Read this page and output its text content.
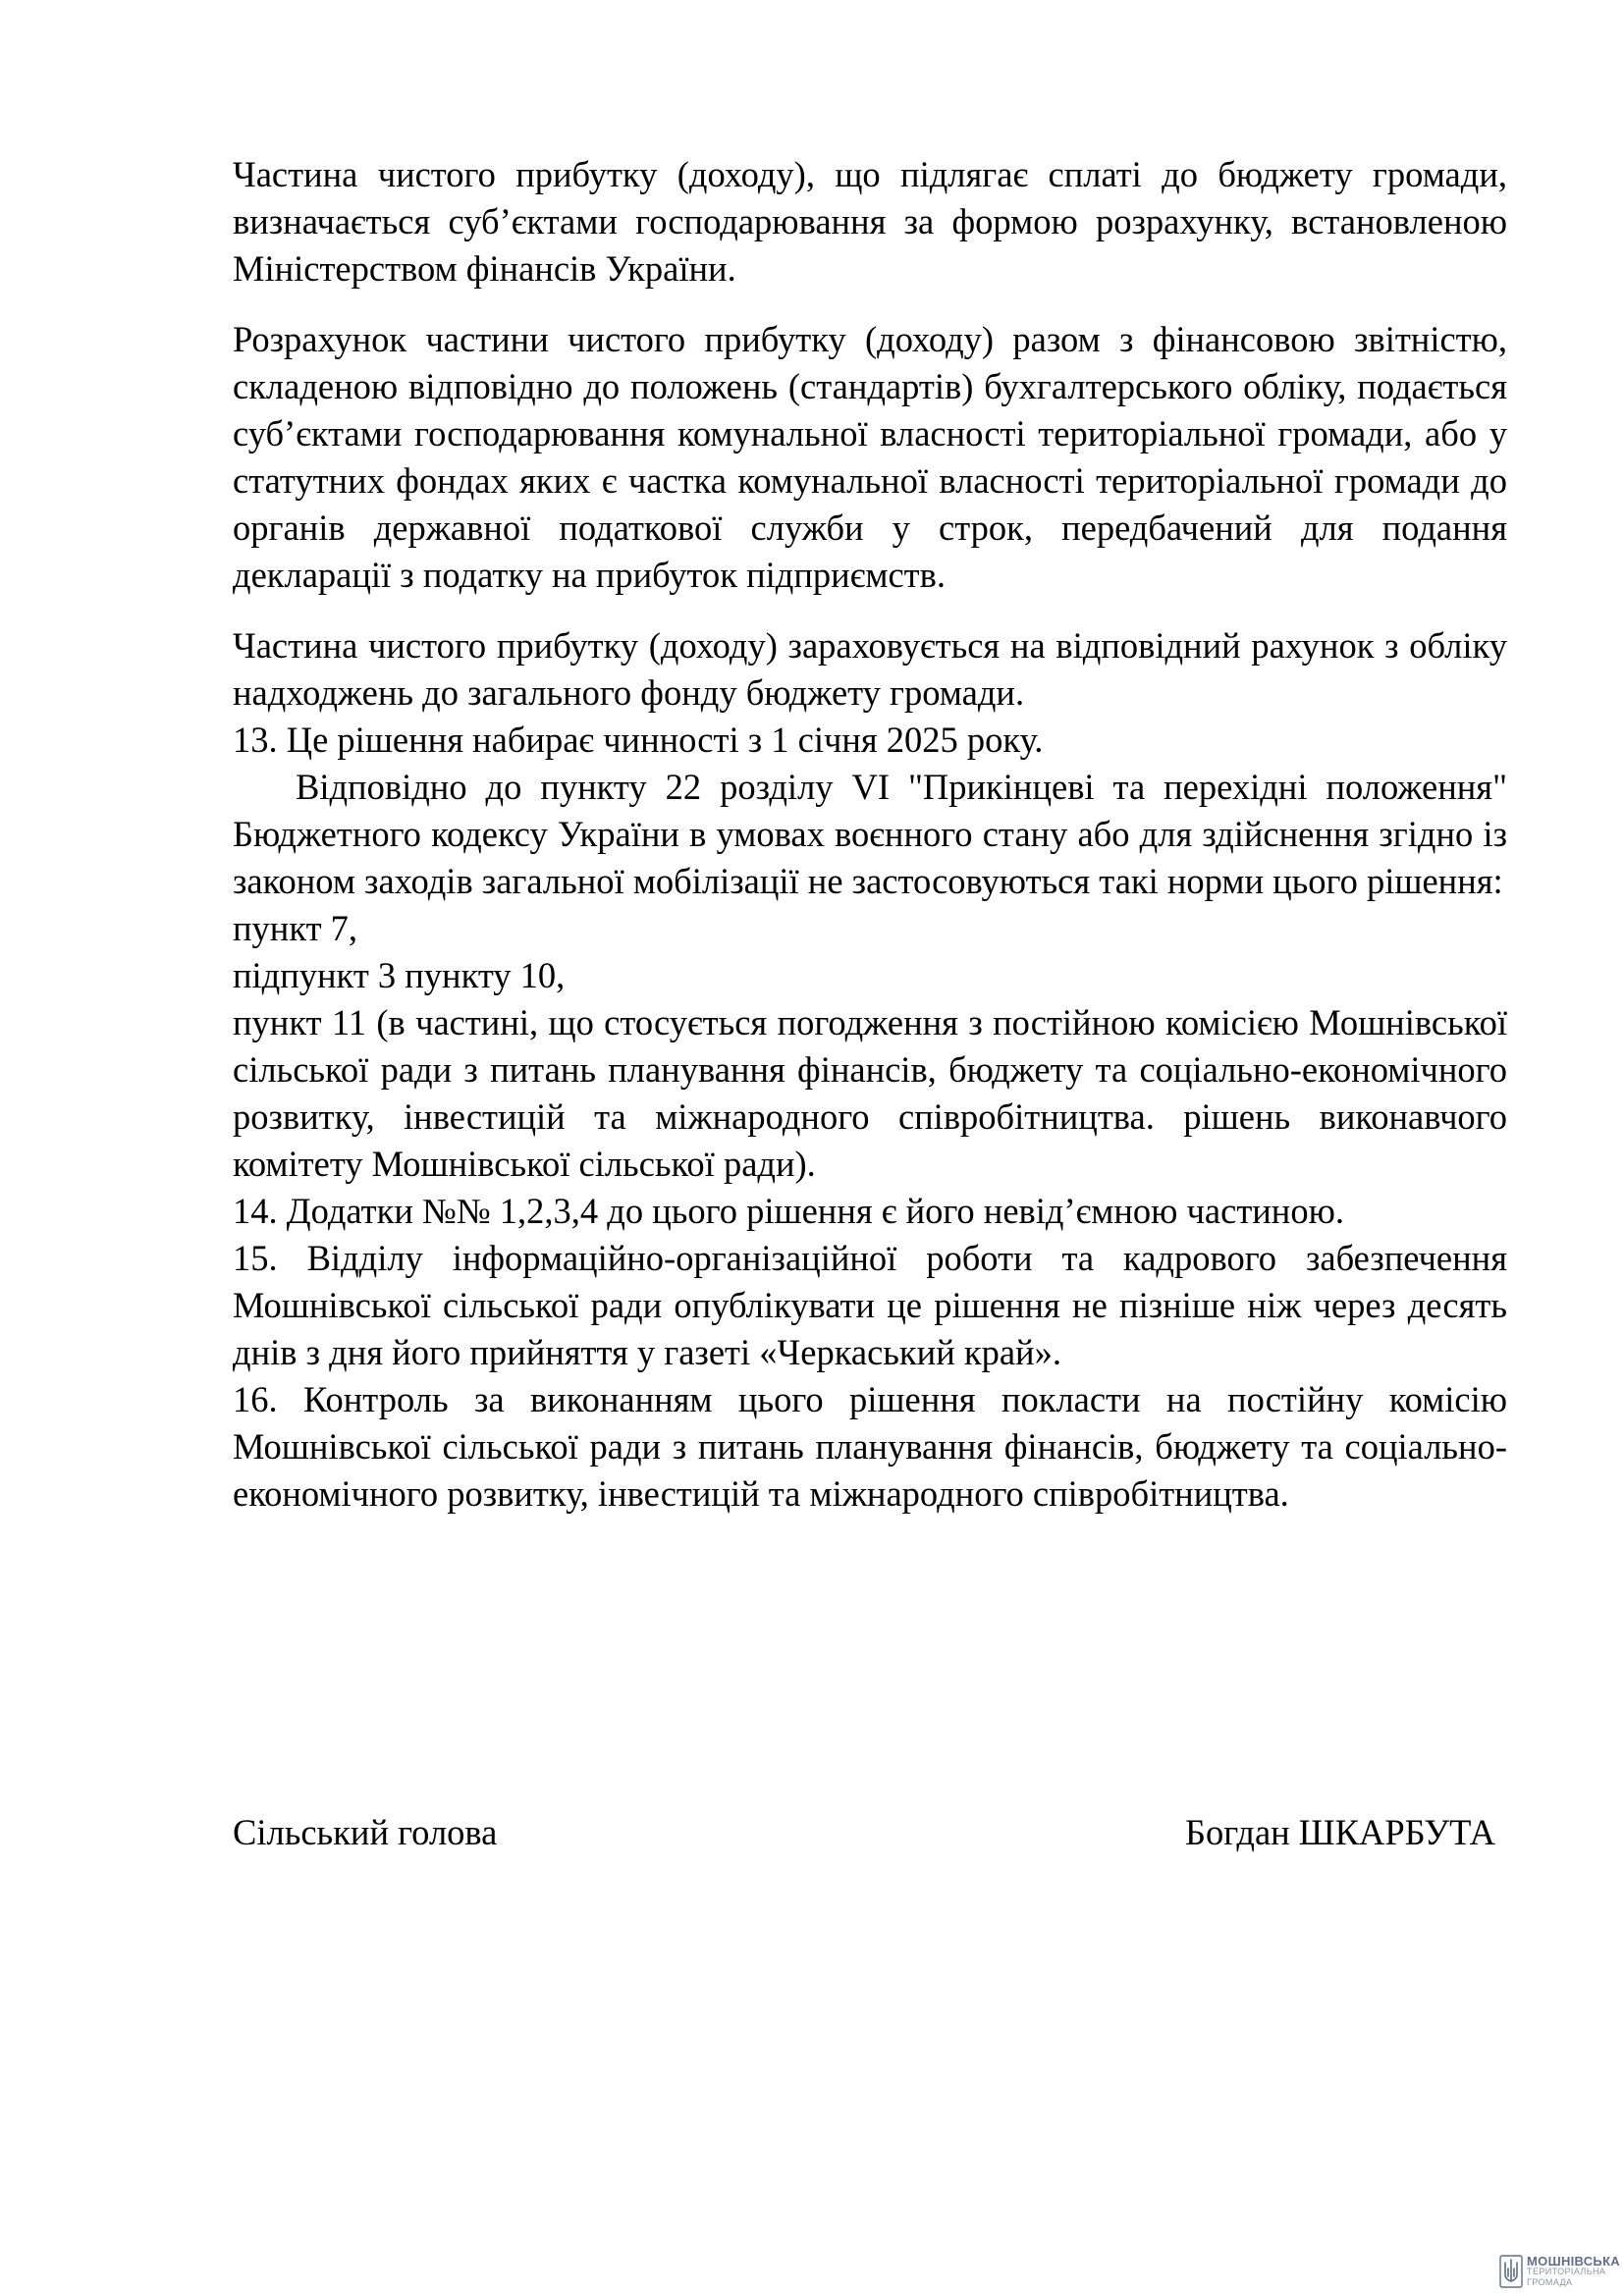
Частина чистого прибутку (доходу), що підлягає сплаті до бюджету громади, визначається суб’єктами господарювання за формою розрахунку, встановленою Міністерством фінансів України.

Розрахунок частини чистого прибутку (доходу) разом з фінансовою звітністю, складеною відповідно до положень (стандартів) бухгалтерського обліку, подається суб’єктами господарювання комунальної власності територіальної громади, або у статутних фондах яких є частка комунальної власності територіальної громади до органів державної податкової служби у строк, передбачений для подання декларації з податку на прибуток підприємств.

Частина чистого прибутку (доходу) зараховується на відповідний рахунок з обліку надходжень до загального фонду бюджету громади.

13. Це рішення набирає чинності з 1 січня 2025 року.

Відповідно до пункту 22 розділу VI "Прикінцеві та перехідні положення" Бюджетного кодексу України в умовах воєнного стану або для здійснення згідно із законом заходів загальної мобілізації не застосовуються такі норми цього рішення:

пункт 7,

підпункт 3 пункту 10,

пункт 11 (в частині, що стосується погодження з постійною комісією Мошнівської сільської ради з питань планування фінансів, бюджету та соціально-економічного розвитку, інвестицій та міжнародного співробітництва. рішень виконавчого комітету Мошнівської сільської ради).

14. Додатки №№ 1,2,3,4 до цього рішення є його невід’ємною частиною.

15. Відділу інформаційно-організаційної роботи та кадрового забезпечення Мошнівської сільської ради опублікувати це рішення не пізніше ніж через десять днів з дня його прийняття у газеті «Черкаський край».

16. Контроль за виконанням цього рішення покласти на постійну комісію Мошнівської сільської ради з питань планування фінансів, бюджету та соціально-економічного розвитку, інвестицій та міжнародного співробітництва.

Сільський голова	Богдан ШКАРБУТА
МОШНІВСЬКА
ТЕРИТОРІАЛЬНА
ГРОМАДА
